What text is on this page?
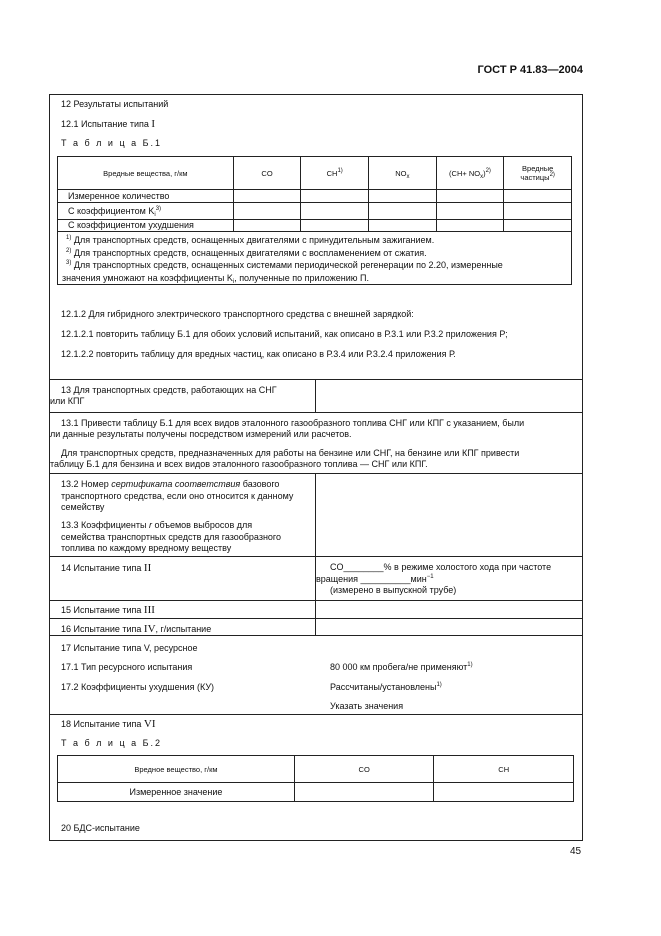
ГОСТ Р 41.83—2004
45
12 Результаты испытаний
12.1 Испытание типа I
Т а б л и ц а Б.1
Вредные вещества, г/км	CO	CH$^{1)}$	$NO_x$	$(CH+ NO_x)^{2)}$	Вредные
частицы$^{2)}$
Измеренное количество					
С коэффициентом $K_i^{3)}$					
С коэффициентом ухудшения					

$^{1)}$ Для транспортных средств, оснащенных двигателями с принудительным зажиганием.
$^{2)}$ Для транспортных средств, оснащенных двигателями с воспламенением от сжатия.
$^{3)}$ Для транспортных средств, оснащенных системами периодической регенерации по 2.20, измеренные
значения умножают на коэффициенты $K_i$, полученные по приложению П.					
12.1.2 Для гибридного электрического транспортного средства с внешней зарядкой:
12.1.2.1 повторить таблицу Б.1 для обоих условий испытаний, как описано в Р.3.1 или Р.3.2 приложения Р;
12.1.2.2 повторить таблицу для вредных частиц, как описано в Р.3.4 или Р.3.2.4 приложения Р.
13 Для транспортных средств, работающих на СНГ
или КПГ
13.1 Привести таблицу Б.1 для всех видов эталонного газообразного топлива СНГ или КПГ с указанием, были
ли данные результаты получены посредством измерений или расчетов.
Для транспортных средств, предназначенных для работы на бензине или СНГ, на бензине или КПГ привести
таблицу Б.1 для бензина и всех видов эталонного газообразного топлива — СНГ или КПГ.
13.2 Номер сертификата соответствия базового
транспортного средства, если оно относится к данному
семейству
13.3 Коэффициенты r объемов выбросов для
семейства транспортных средств для газообразного
топлива по каждому вредному веществу
14 Испытание типа II	CO________% в режиме холостого хода при частоте
вращения __________мин$^{-1}$
(измерено в выпускной трубе)
15 Испытание типа III
16 Испытание типа IV, г/испытание
17 Испытание типа V, ресурсное
17.1 Тип ресурсного испытания	80 000 км пробега/не применяют$^{1)}$
17.2 Коэффициенты ухудшения (КУ)	Рассчитаны/установлены$^{1)}$
Указать значения
18 Испытание типа VI
Т а б л и ц а Б.2
Вредное вещество, г/км	CO	CH
Измеренное значение		
20 БДС-испытание
